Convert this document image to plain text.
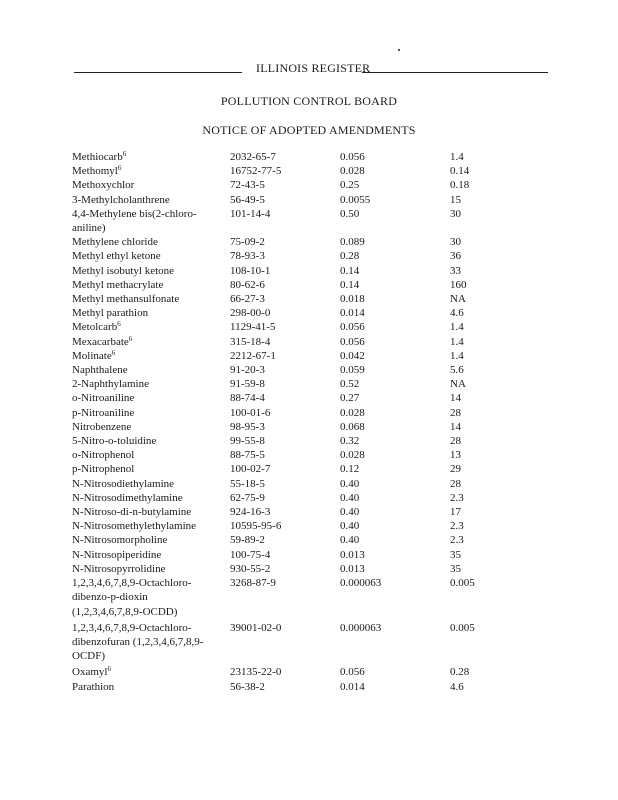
ILLINOIS REGISTER
POLLUTION CONTROL BOARD
NOTICE OF ADOPTED AMENDMENTS
Methiocarb$^6$	2032-65-7	0.056	1.4
Methomyl$^6$	16752-77-5	0.028	0.14
Methoxychlor	72-43-5	0.25	0.18
3-Methylcholanthrene	56-49-5	0.0055	15
4,4-Methylene bis(2-chloro-
aniline)
101-14-4	0.50	30
Methylene chloride	75-09-2	0.089	30
Methyl ethyl ketone	78-93-3	0.28	36
Methyl isobutyl ketone	108-10-1	0.14	33
Methyl methacrylate	80-62-6	0.14	160
Methyl methansulfonate	66-27-3	0.018	NA
Methyl parathion	298-00-0	0.014	4.6
Metolcarb$^6$	1129-41-5	0.056	1.4
Mexacarbate$^6$	315-18-4	0.056	1.4
Molinate$^6$	2212-67-1	0.042	1.4
Naphthalene	91-20-3	0.059	5.6
2-Naphthylamine	91-59-8	0.52	NA
o-Nitroaniline	88-74-4	0.27	14
p-Nitroaniline	100-01-6	0.028	28
Nitrobenzene	98-95-3	0.068	14
5-Nitro-o-toluidine	99-55-8	0.32	28
o-Nitrophenol	88-75-5	0.028	13
p-Nitrophenol	100-02-7	0.12	29
N-Nitrosodiethylamine	55-18-5	0.40	28
N-Nitrosodimethylamine	62-75-9	0.40	2.3
N-Nitroso-di-n-butylamine	924-16-3	0.40	17
N-Nitrosomethylethylamine	10595-95-6	0.40	2.3
N-Nitrosomorpholine	59-89-2	0.40	2.3
N-Nitrosopiperidine	100-75-4	0.013	35
N-Nitrosopyrrolidine	930-55-2	0.013	35
1,2,3,4,6,7,8,9-Octachloro-
dibenzo-p-dioxin
(1,2,3,4,6,7,8,9-OCDD)
3268-87-9	0.000063	0.005
1,2,3,4,6,7,8,9-Octachloro-
dibenzofuran (1,2,3,4,6,7,8,9-
OCDF)
39001-02-0	0.000063	0.005
Oxamyl$^6$	23135-22-0	0.056	0.28
Parathion	56-38-2	0.014	4.6
